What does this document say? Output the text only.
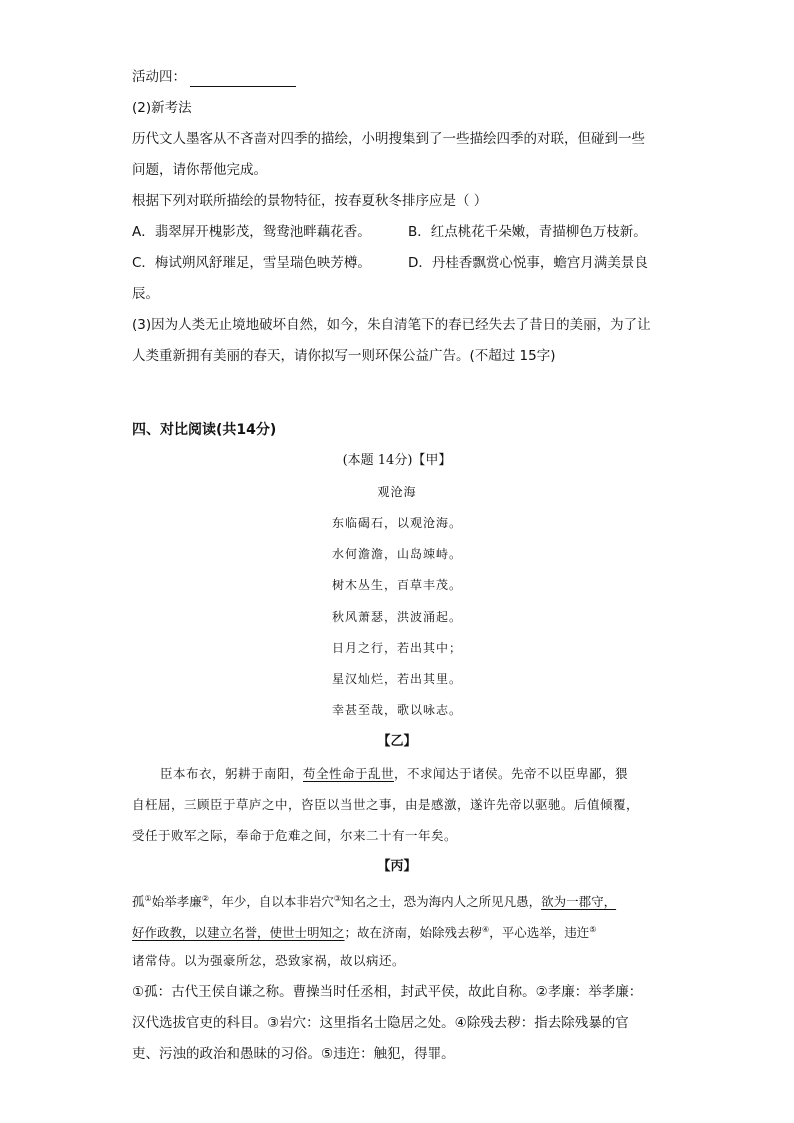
活动四：
(2)新考法
历代文人墨客从不吝啬对四季的描绘，小明搜集到了一些描绘四季的对联，但碰到一些
问题，请你帮他完成。
根据下列对联所描绘的景物特征，按春夏秋冬排序应是（ ）
A．翡翠屏开槐影茂，鸳鸯池畔藕花香。	B．红点桃花千朵嫩，青描柳色万枝新。
C．梅试朔风舒璀足，雪呈瑞色映芳樽。	D．丹桂香飘赏心悦事，蟾宫月满美景良
辰。
(3)因为人类无止境地破坏自然，如今，朱自清笔下的春已经失去了昔日的美丽，为了让
人类重新拥有美丽的春天，请你拟写一则环保公益广告。(不超过 15字)
四、对比阅读(共14分)
(本题 14分)【甲】
观沧海
东临碣石，以观沧海。
水何澹澹，山岛竦峙。
树木丛生，百草丰茂。
秋风萧瑟，洪波涌起。
日月之行，若出其中；
星汉灿烂，若出其里。
幸甚至哉，歌以咏志。
【乙】
臣本布衣，躬耕于南阳，苟全性命于乱世，不求闻达于诸侯。先帝不以臣卑鄙，猥
自枉屈，三顾臣于草庐之中，咨臣以当世之事，由是感激，遂许先帝以驱驰。后值倾覆，
受任于败军之际，奉命于危难之间，尔来二十有一年矣。
【丙】
孤①始举孝廉②，年少，自以本非岩穴③知名之士，恐为海内人之所见凡愚，欲为一郡守，
好作政教，以建立名誉，使世士明知之；故在济南，始除残去秽④，平心选举，违迕⑤
诸常侍。以为强豪所忿，恐致家祸，故以病还。
①孤：古代王侯自谦之称。曹操当时任丞相，封武平侯，故此自称。②孝廉：举孝廉：
汉代选拔官吏的科目。③岩穴：这里指名士隐居之处。④除残去秽：指去除残暴的官
吏、污浊的政治和愚昧的习俗。⑤违迕：触犯，得罪。
